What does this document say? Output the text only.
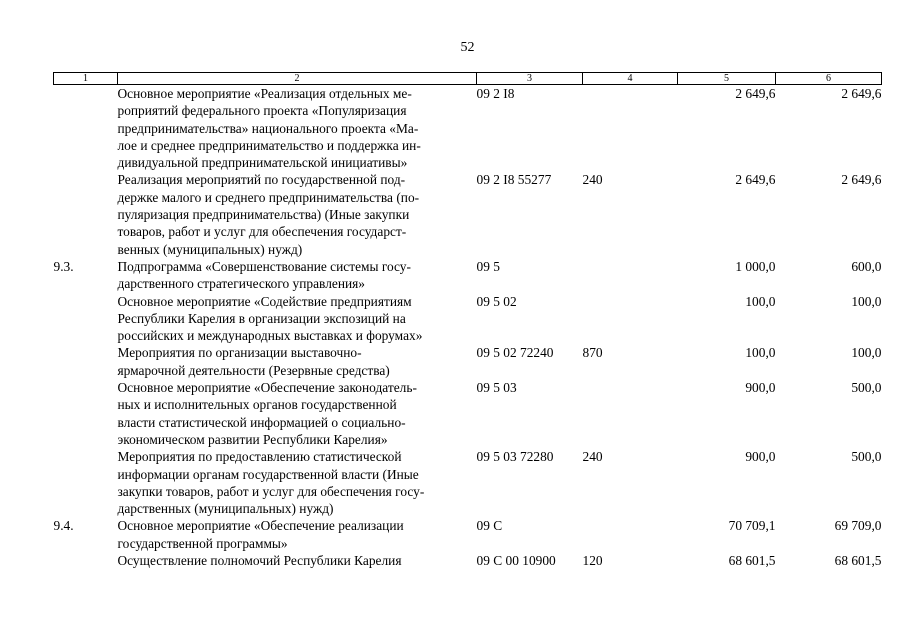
52
1	2	3	4	5	6

	Основное мероприятие «Реализация отдельных ме-
роприятий федерального проекта «Популяризация
предпринимательства» национального проекта «Ма-
лое и среднее предпринимательство и поддержка ин-
дивидуальной предпринимательской инициативы»	09 2 I8		2 649,6	2 649,6

	Реализация мероприятий по государственной под-
держке малого и среднего предпринимательства (по-
пуляризация предпринимательства) (Иные закупки
товаров, работ и услуг для обеспечения государст-
венных (муниципальных) нужд)	09 2 I8 55277	240	2 649,6	2 649,6
9.3.	Подпрограмма «Совершенствование системы госу-
дарственного стратегического управления»	09 5		1 000,0	600,0

	Основное мероприятие «Содействие предприятиям
Республики Карелия в организации экспозиций на
российских и международных выставках и форумах»	09 5 02		100,0	100,0

	Мероприятия по организации выставочно-
ярмарочной деятельности (Резервные средства)	09 5 02 72240	870	100,0	100,0

	Основное мероприятие «Обеспечение законодатель-
ных и исполнительных органов государственной
власти статистической информацией о социально-
экономическом развитии Республики Карелия»	09 5 03		900,0	500,0

	Мероприятия по предоставлению статистической
информации органам государственной власти (Иные
закупки товаров, работ и услуг для обеспечения госу-
дарственных (муниципальных) нужд)	09 5 03 72280	240	900,0	500,0
9.4.	Основное мероприятие «Обеспечение реализации
государственной программы»	09 С		70 709,1	69 709,0

	Осуществление полномочий Республики Карелия	09 С 00 10900	120	68 601,5	68 601,5
